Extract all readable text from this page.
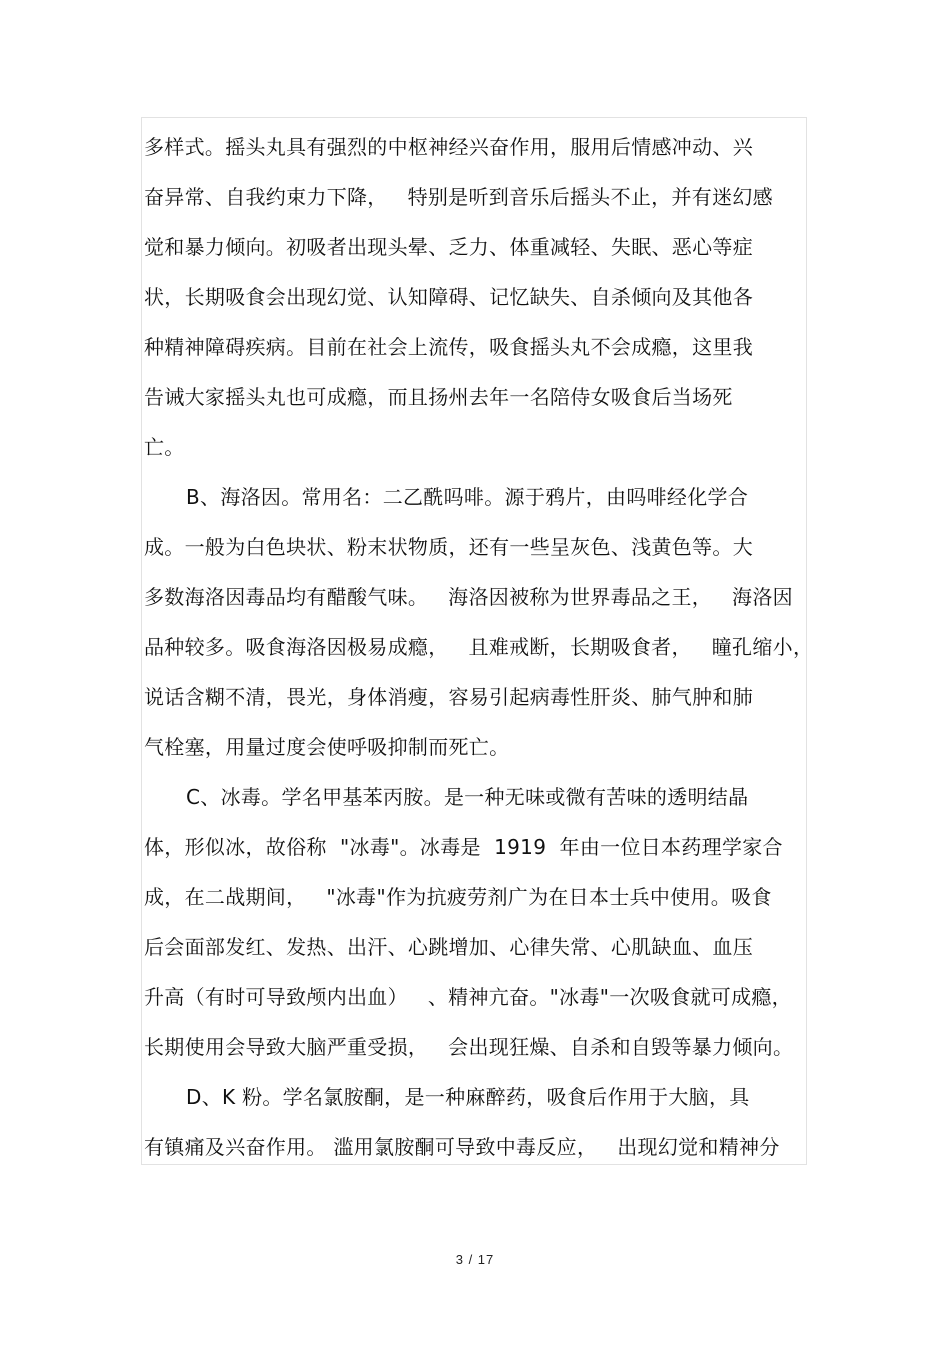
多样式。摇头丸具有强烈的中枢神经兴奋作用，服用后情感冲动、兴
奋异常、自我约束力下降，   特别是听到音乐后摇头不止，并有迷幻感
觉和暴力倾向。初吸者出现头晕、乏力、体重减轻、失眠、恶心等症
状，长期吸食会出现幻觉、认知障碍、记忆缺失、自杀倾向及其他各
种精神障碍疾病。目前在社会上流传，吸食摇头丸不会成瘾，这里我
告诫大家摇头丸也可成瘾，而且扬州去年一名陪侍女吸食后当场死
亡。
B、海洛因。常用名：二乙酰吗啡。源于鸦片，由吗啡经化学合
成。一般为白色块状、粉末状物质，还有一些呈灰色、浅黄色等。大
多数海洛因毒品均有醋酸气味。   海洛因被称为世界毒品之王，   海洛因
品种较多。吸食海洛因极易成瘾，   且难戒断，长期吸食者，   瞳孔缩小，
说话含糊不清，畏光，身体消瘦，容易引起病毒性肝炎、肺气肿和肺
气栓塞，用量过度会使呼吸抑制而死亡。
C、冰毒。学名甲基苯丙胺。是一种无味或微有苦味的透明结晶
体，形似冰，故俗称  "冰毒"。冰毒是  1919  年由一位日本药理学家合
成，在二战期间，   "冰毒"作为抗疲劳剂广为在日本士兵中使用。吸食
后会面部发红、发热、出汗、心跳增加、心律失常、心肌缺血、血压
升高（有时可导致颅内出血）   、精神亢奋。"冰毒"一次吸食就可成瘾，
长期使用会导致大脑严重受损，   会出现狂燥、自杀和自毁等暴力倾向。
D、K 粉。学名氯胺酮，是一种麻醉药，吸食后作用于大脑，具
有镇痛及兴奋作用。 滥用氯胺酮可导致中毒反应，   出现幻觉和精神分
3 / 17
